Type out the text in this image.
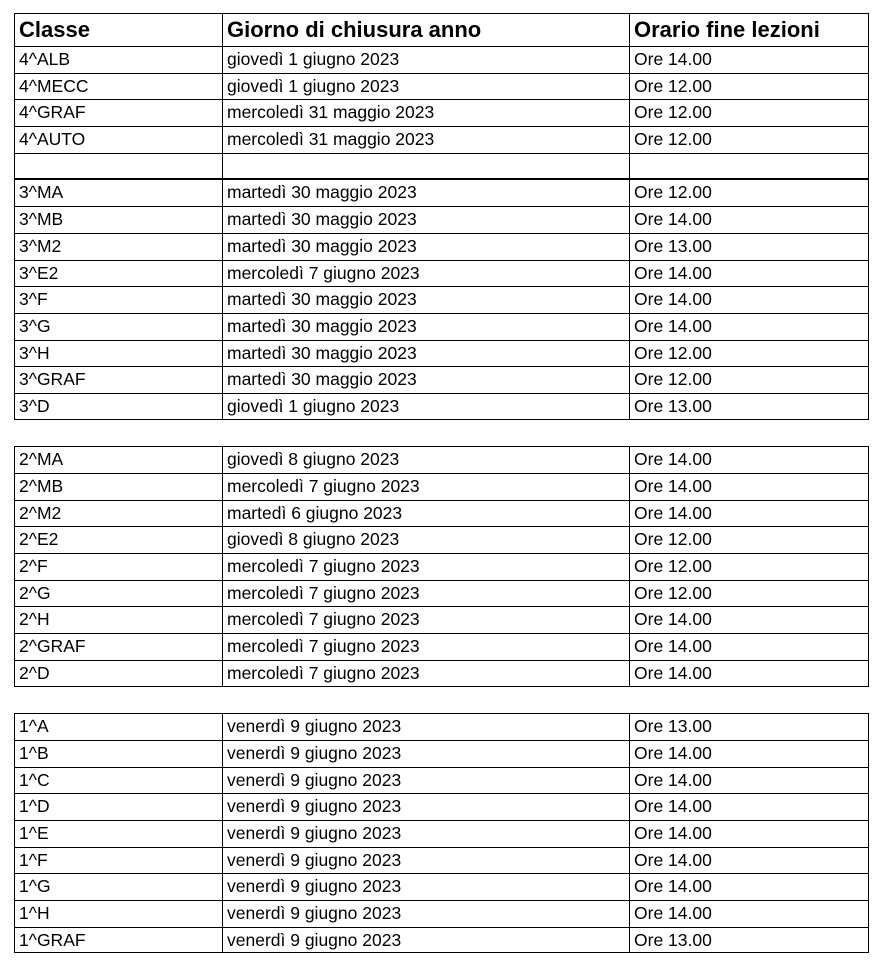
Classe	Giorno di chiusura anno	Orario fine lezioni
4^ALB	giovedì 1 giugno 2023	Ore 14.00
4^MECC	giovedì 1 giugno 2023	Ore 12.00
4^GRAF	mercoledì 31 maggio 2023	Ore 12.00
4^AUTO	mercoledì 31 maggio 2023	Ore 12.00
3^MA	martedì 30 maggio 2023	Ore 12.00
3^MB	martedì 30 maggio 2023	Ore 14.00
3^M2	martedì 30 maggio 2023	Ore 13.00
3^E2	mercoledì 7 giugno 2023	Ore 14.00
3^F	martedì 30 maggio 2023	Ore 14.00
3^G	martedì 30 maggio 2023	Ore 14.00
3^H	martedì 30 maggio 2023	Ore 12.00
3^GRAF	martedì 30 maggio 2023	Ore 12.00
3^D	giovedì 1 giugno 2023	Ore 13.00
2^MA	giovedì 8 giugno 2023	Ore 14.00
2^MB	mercoledì 7 giugno 2023	Ore 14.00
2^M2	martedì 6 giugno 2023	Ore 14.00
2^E2	giovedì 8 giugno 2023	Ore 12.00
2^F	mercoledì 7 giugno 2023	Ore 12.00
2^G	mercoledì 7 giugno 2023	Ore 12.00
2^H	mercoledì 7 giugno 2023	Ore 14.00
2^GRAF	mercoledì 7 giugno 2023	Ore 14.00
2^D	mercoledì 7 giugno 2023	Ore 14.00
1^A	venerdì 9 giugno 2023	Ore 13.00
1^B	venerdì 9 giugno 2023	Ore 14.00
1^C	venerdì 9 giugno 2023	Ore 14.00
1^D	venerdì 9 giugno 2023	Ore 14.00
1^E	venerdì 9 giugno 2023	Ore 14.00
1^F	venerdì 9 giugno 2023	Ore 14.00
1^G	venerdì 9 giugno 2023	Ore 14.00
1^H	venerdì 9 giugno 2023	Ore 14.00
1^GRAF	venerdì 9 giugno 2023	Ore 13.00
